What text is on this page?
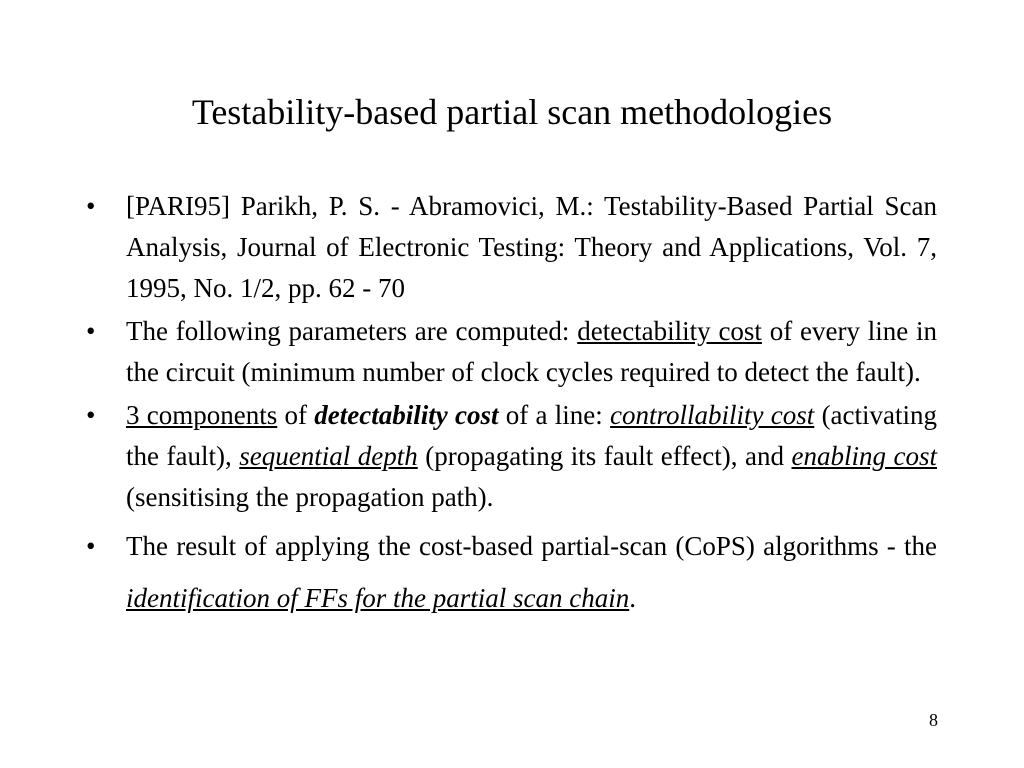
Testability-based partial scan methodologies
•	[PARI95] Parikh, P. S. - Abramovici, M.: Testability-Based Partial Scan Analysis, Journal of Electronic Testing: Theory and Applications, Vol. 7, 1995, No. 1/2, pp. 62 - 70
•	The following parameters are computed: detectability cost of every line in the circuit (minimum number of clock cycles required to detect the fault).
•	3 components of detectability cost of a line: controllability cost (activating the fault), sequential depth (propagating its fault effect), and enabling cost (sensitising the propagation path).
•	The result of applying the cost-based partial-scan (CoPS) algorithms - the identification of FFs for the partial scan chain.
8
